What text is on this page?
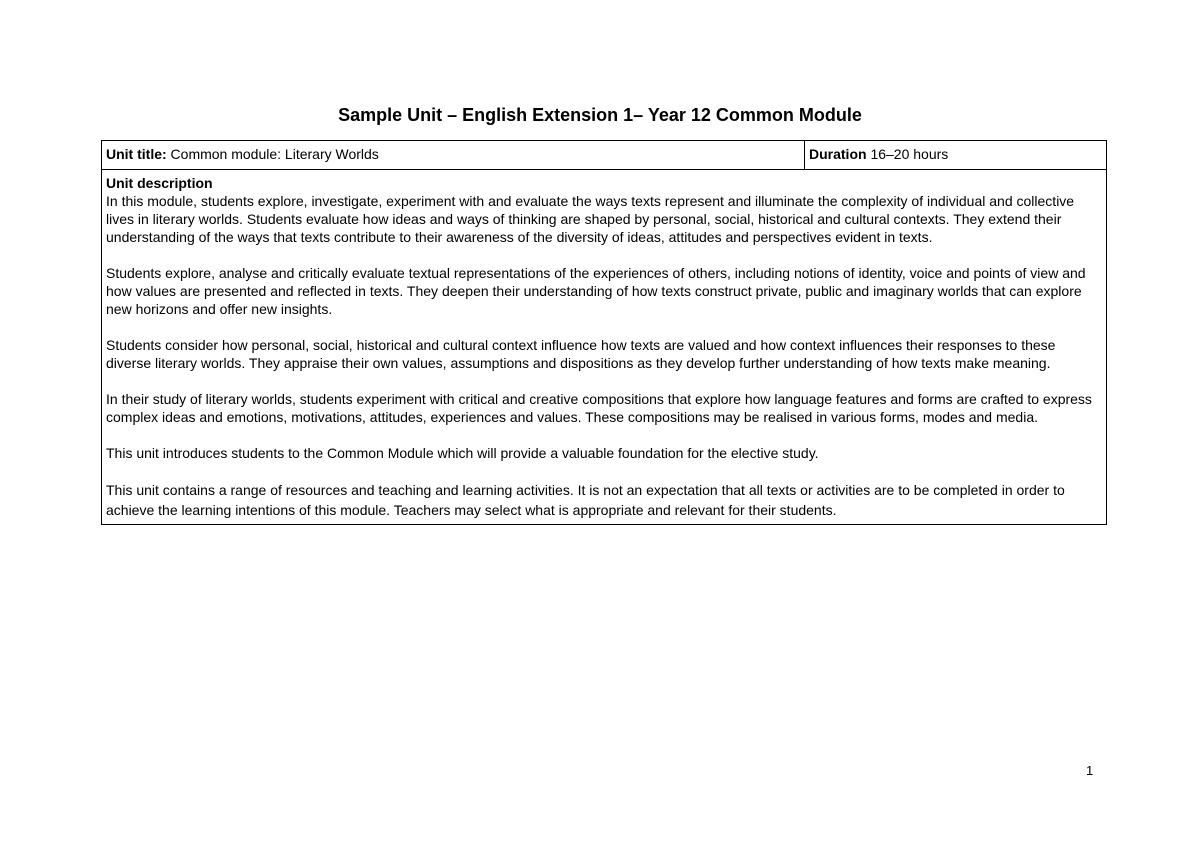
Sample Unit – English Extension 1– Year 12 Common Module
Unit title: Common module: Literary Worlds	Duration 16–20 hours

Unit description

In this module, students explore, investigate, experiment with and evaluate the ways texts represent and illuminate the complexity of individual and collective lives in literary worlds. Students evaluate how ideas and ways of thinking are shaped by personal, social, historical and cultural contexts. They extend their understanding of the ways that texts contribute to their awareness of the diversity of ideas, attitudes and perspectives evident in texts.

Students explore, analyse and critically evaluate textual representations of the experiences of others, including notions of identity, voice and points of view and how values are presented and reflected in texts. They deepen their understanding of how texts construct private, public and imaginary worlds that can explore new horizons and offer new insights.

Students consider how personal, social, historical and cultural context influence how texts are valued and how context influences their responses to these diverse literary worlds. They appraise their own values, assumptions and dispositions as they develop further understanding of how texts make meaning.

In their study of literary worlds, students experiment with critical and creative compositions that explore how language features and forms are crafted to express complex ideas and emotions, motivations, attitudes, experiences and values. These compositions may be realised in various forms, modes and media.

This unit introduces students to the Common Module which will provide a valuable foundation for the elective study.

This unit contains a range of resources and teaching and learning activities. It is not an expectation that all texts or activities are to be completed in order to achieve the learning intentions of this module. Teachers may select what is appropriate and relevant for their students.

1
